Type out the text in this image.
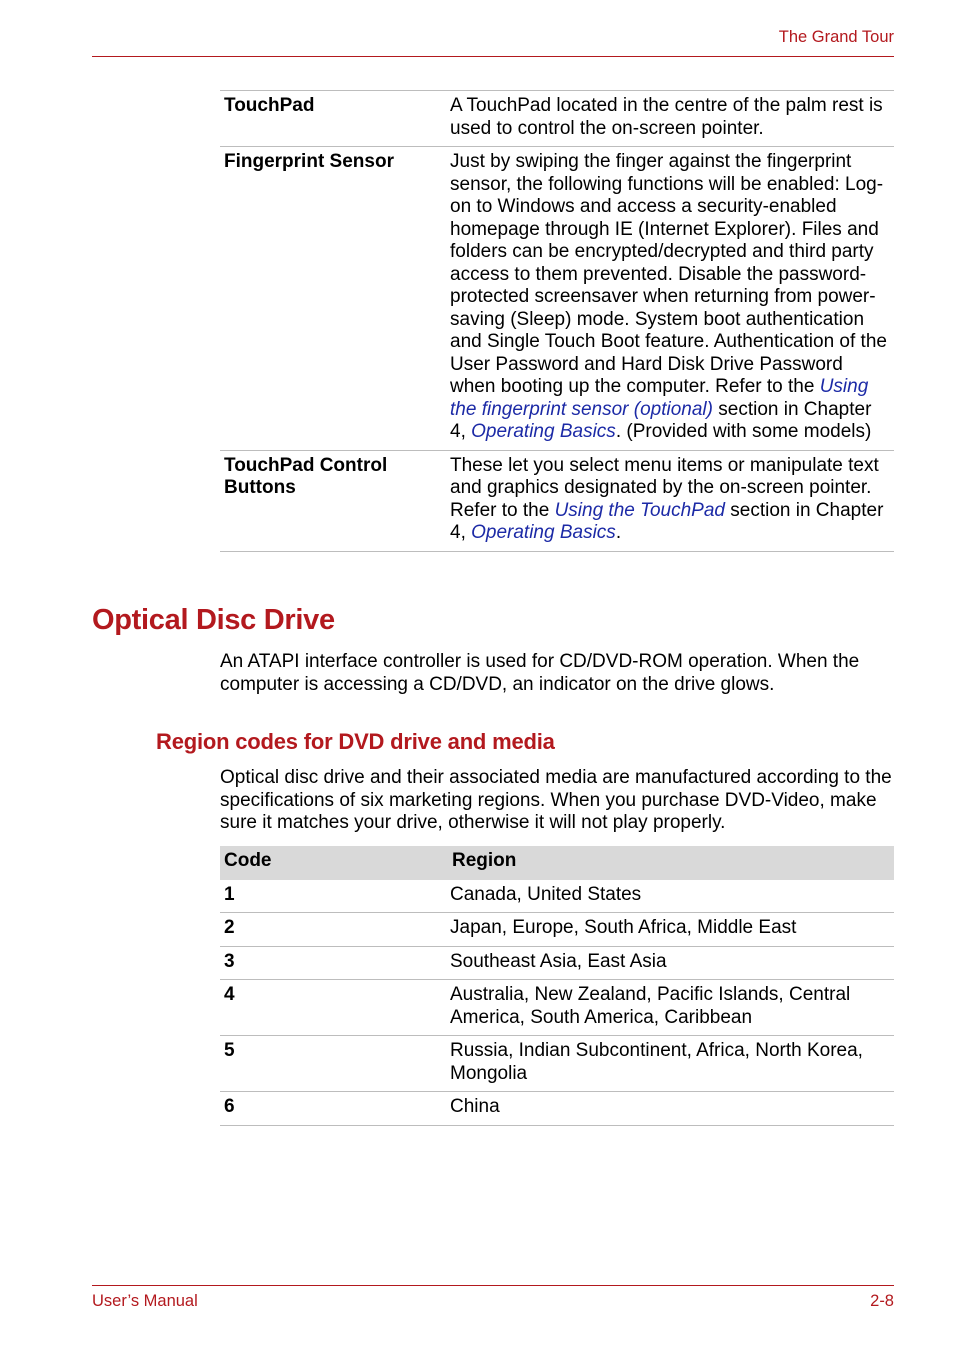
The Grand Tour
TouchPad	A TouchPad located in the centre of the palm rest is used to control the on-screen pointer.
Fingerprint Sensor	Just by swiping the finger against the fingerprint sensor, the following functions will be enabled: Log-on to Windows and access a security-enabled homepage through IE (Internet Explorer). Files and folders can be encrypted/decrypted and third party access to them prevented. Disable the password-protected screensaver when returning from power-saving (Sleep) mode. System boot authentication and Single Touch Boot feature. Authentication of the User Password and Hard Disk Drive Password when booting up the computer. Refer to the Using the fingerprint sensor (optional) section in Chapter 4, Operating Basics. (Provided with some models)
TouchPad Control Buttons	These let you select menu items or manipulate text and graphics designated by the on-screen pointer. Refer to the Using the TouchPad section in Chapter 4, Operating Basics.
Optical Disc Drive

An ATAPI interface controller is used for CD/DVD-ROM operation. When the computer is accessing a CD/DVD, an indicator on the drive glows.

Region codes for DVD drive and media

Optical disc drive and their associated media are manufactured according to the specifications of six marketing regions. When you purchase DVD-Video, make sure it matches your drive, otherwise it will not play properly.

Code	Region
1	Canada, United States
2	Japan, Europe, South Africa, Middle East
3	Southeast Asia, East Asia
4	Australia, New Zealand, Pacific Islands, Central America, South America, Caribbean
5	Russia, Indian Subcontinent, Africa, North Korea, Mongolia
6	China
User’s Manual	2-8
